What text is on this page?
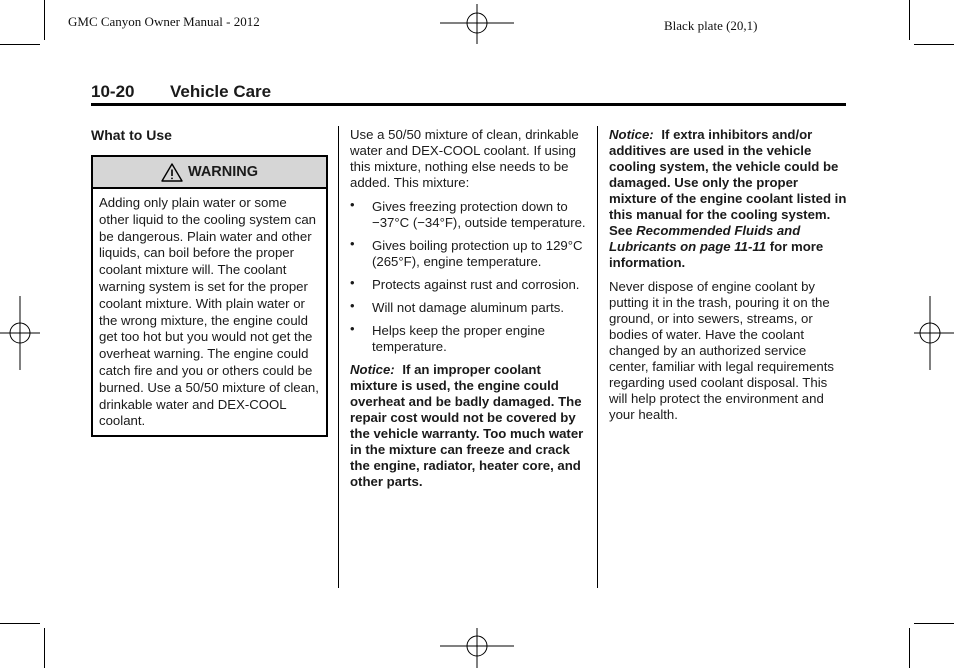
GMC Canyon Owner Manual - 2012	Black plate (20,1)
10-20 Vehicle Care
What to Use
WARNING
Adding only plain water or some other liquid to the cooling system can be dangerous. Plain water and other liquids, can boil before the proper coolant mixture will. The coolant warning system is set for the proper coolant mixture. With plain water or the wrong mixture, the engine could get too hot but you would not get the overheat warning. The engine could catch fire and you or others could be burned. Use a 50/50 mixture of clean, drinkable water and DEX-COOL coolant.

Use a 50/50 mixture of clean, drinkable water and DEX-COOL coolant. If using this mixture, nothing else needs to be added. This mixture:

• Gives freezing protection down to −37°C (−34°F), outside temperature.
• Gives boiling protection up to 129°C (265°F), engine temperature.
• Protects against rust and corrosion.
• Will not damage aluminum parts.
• Helps keep the proper engine temperature.

Notice: If an improper coolant mixture is used, the engine could overheat and be badly damaged. The repair cost would not be covered by the vehicle warranty. Too much water in the mixture can freeze and crack the engine, radiator, heater core, and other parts.

Notice: If extra inhibitors and/or additives are used in the vehicle cooling system, the vehicle could be damaged. Use only the proper mixture of the engine coolant listed in this manual for the cooling system. See Recommended Fluids and Lubricants on page 11-11 for more information.

Never dispose of engine coolant by putting it in the trash, pouring it on the ground, or into sewers, streams, or bodies of water. Have the coolant changed by an authorized service center, familiar with legal requirements regarding used coolant disposal. This will help protect the environment and your health.
